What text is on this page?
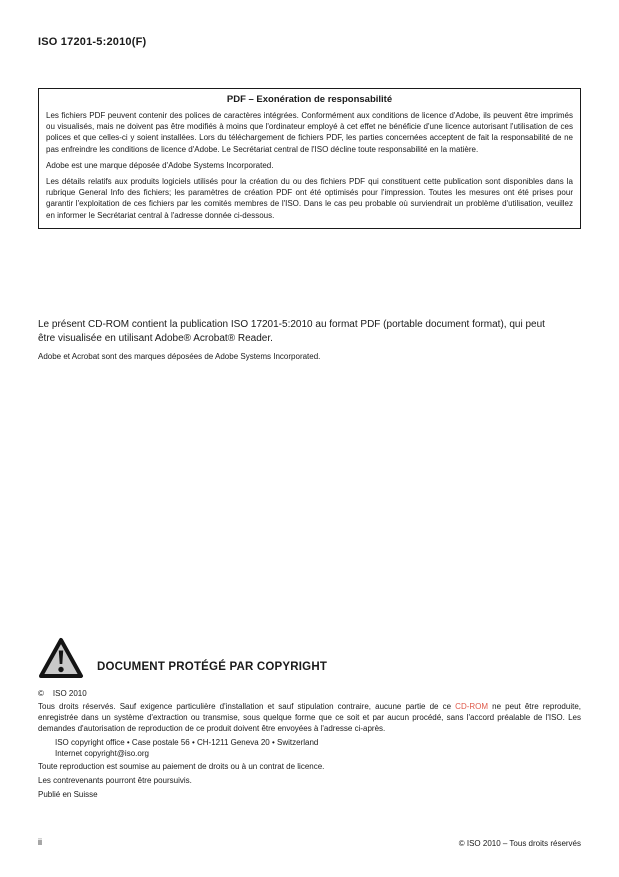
ISO 17201-5:2010(F)
PDF – Exonération de responsabilité

Les fichiers PDF peuvent contenir des polices de caractères intégrées. Conformément aux conditions de licence d'Adobe, ils peuvent être imprimés ou visualisés, mais ne doivent pas être modifiés à moins que l'ordinateur employé à cet effet ne bénéficie d'une licence autorisant l'utilisation de ces polices et que celles-ci y soient installées. Lors du téléchargement de fichiers PDF, les parties concernées acceptent de fait la responsabilité de ne pas enfreindre les conditions de licence d'Adobe. Le Secrétariat central de l'ISO décline toute responsabilité en la matière.

Adobe est une marque déposée d'Adobe Systems Incorporated.

Les détails relatifs aux produits logiciels utilisés pour la création du ou des fichiers PDF qui constituent cette publication sont disponibles dans la rubrique General Info des fichiers; les paramètres de création PDF ont été optimisés pour l'impression. Toutes les mesures ont été prises pour garantir l'exploitation de ces fichiers par les comités membres de l'ISO. Dans le cas peu probable où surviendrait un problème d'utilisation, veuillez en informer le Secrétariat central à l'adresse donnée ci-dessous.

Le présent CD-ROM contient la publication ISO 17201-5:2010 au format PDF (portable document format), qui peut être visualisée en utilisant Adobe® Acrobat® Reader.
Adobe et Acrobat sont des marques déposées de Adobe Systems Incorporated.
DOCUMENT PROTÉGÉ PAR COPYRIGHT
© ISO 2010
Tous droits réservés. Sauf exigence particulière d'installation et sauf stipulation contraire, aucune partie de ce CD-ROM ne peut être reproduite, enregistrée dans un système d'extraction ou transmise, sous quelque forme que ce soit et par aucun procédé, sans l'accord préalable de l'ISO. Les demandes d'autorisation de reproduction de ce produit doivent être envoyées à l'adresse ci-après.
ISO copyright office • Case postale 56 • CH-1211 Geneva 20 • Switzerland
Internet copyright@iso.org
Toute reproduction est soumise au paiement de droits ou à un contrat de licence.
Les contrevenants pourront être poursuivis.
Publié en Suisse
ii	© ISO 2010 – Tous droits réservés
